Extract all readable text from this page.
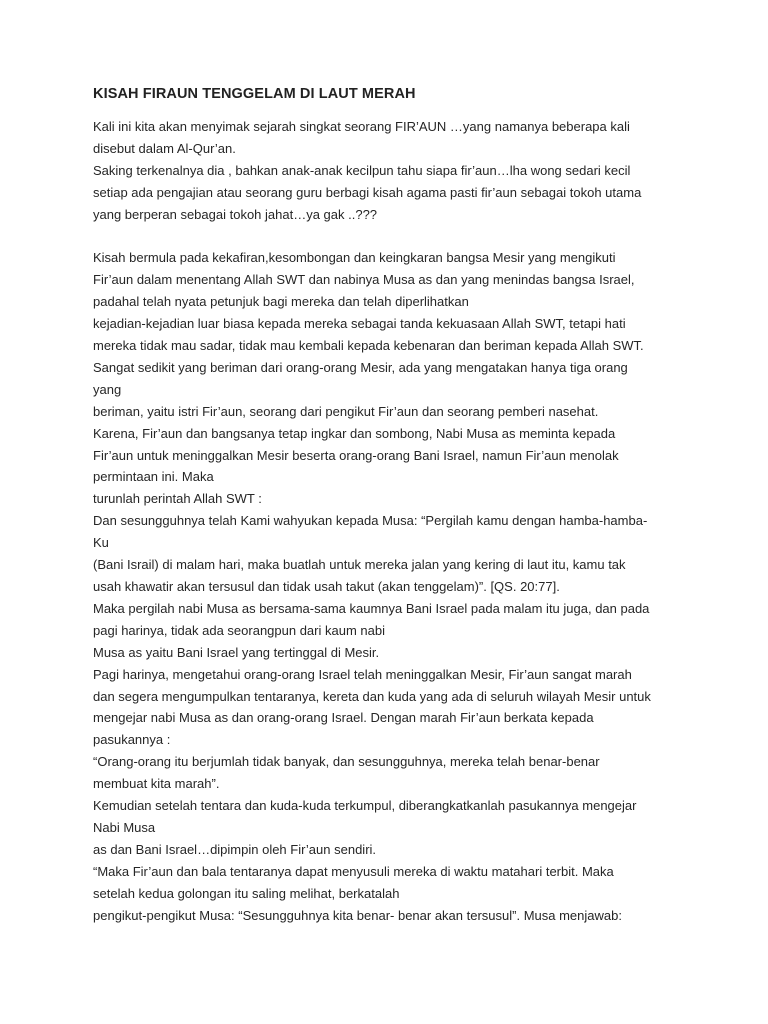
KISAH FIRAUN TENGGELAM DI LAUT MERAH
Kali ini kita akan menyimak sejarah singkat seorang FIR’AUN …yang namanya beberapa kali
disebut dalam Al-Qur’an.
Saking terkenalnya dia , bahkan anak-anak kecilpun tahu siapa fir’aun…lha wong sedari kecil
setiap ada pengajian atau seorang guru berbagi kisah agama pasti fir’aun sebagai tokoh utama
yang berperan sebagai tokoh jahat…ya gak ..???
Kisah bermula pada kekafiran,kesombongan dan keingkaran bangsa Mesir yang mengikuti
Fir’aun dalam menentang Allah SWT dan nabinya Musa as dan yang menindas bangsa Israel,
padahal telah nyata petunjuk bagi mereka dan telah diperlihatkan
kejadian-kejadian luar biasa kepada mereka sebagai tanda kekuasaan Allah SWT, tetapi hati
mereka tidak mau sadar, tidak mau kembali kepada kebenaran dan beriman kepada Allah SWT.
Sangat sedikit yang beriman dari orang-orang Mesir, ada yang mengatakan hanya tiga orang
yang
beriman, yaitu istri Fir’aun, seorang dari pengikut Fir’aun dan seorang pemberi nasehat.
Karena, Fir’aun dan bangsanya tetap ingkar dan sombong, Nabi Musa as meminta kepada
Fir’aun untuk meninggalkan Mesir beserta orang-orang Bani Israel, namun Fir’aun menolak
permintaan ini. Maka
turunlah perintah Allah SWT :
Dan sesungguhnya telah Kami wahyukan kepada Musa: “Pergilah kamu dengan hamba-hamba-
Ku
(Bani Israil) di malam hari, maka buatlah untuk mereka jalan yang kering di laut itu, kamu tak
usah khawatir akan tersusul dan tidak usah takut (akan tenggelam)”. [QS. 20:77].
Maka pergilah nabi Musa as bersama-sama kaumnya Bani Israel pada malam itu juga, dan pada
pagi harinya, tidak ada seorangpun dari kaum nabi
Musa as yaitu Bani Israel yang tertinggal di Mesir.
Pagi harinya, mengetahui orang-orang Israel telah meninggalkan Mesir, Fir’aun sangat marah
dan segera mengumpulkan tentaranya, kereta dan kuda yang ada di seluruh wilayah Mesir untuk
mengejar nabi Musa as dan orang-orang Israel. Dengan marah Fir’aun berkata kepada
pasukannya :
“Orang-orang itu berjumlah tidak banyak, dan sesungguhnya, mereka telah benar-benar
membuat kita marah”.
Kemudian setelah tentara dan kuda-kuda terkumpul, diberangkatkanlah pasukannya mengejar
Nabi Musa
as dan Bani Israel…dipimpin oleh Fir’aun sendiri.
“Maka Fir’aun dan bala tentaranya dapat menyusuli mereka di waktu matahari terbit. Maka
setelah kedua golongan itu saling melihat, berkatalah
pengikut-pengikut Musa: “Sesungguhnya kita benar- benar akan tersusul”. Musa menjawab:
